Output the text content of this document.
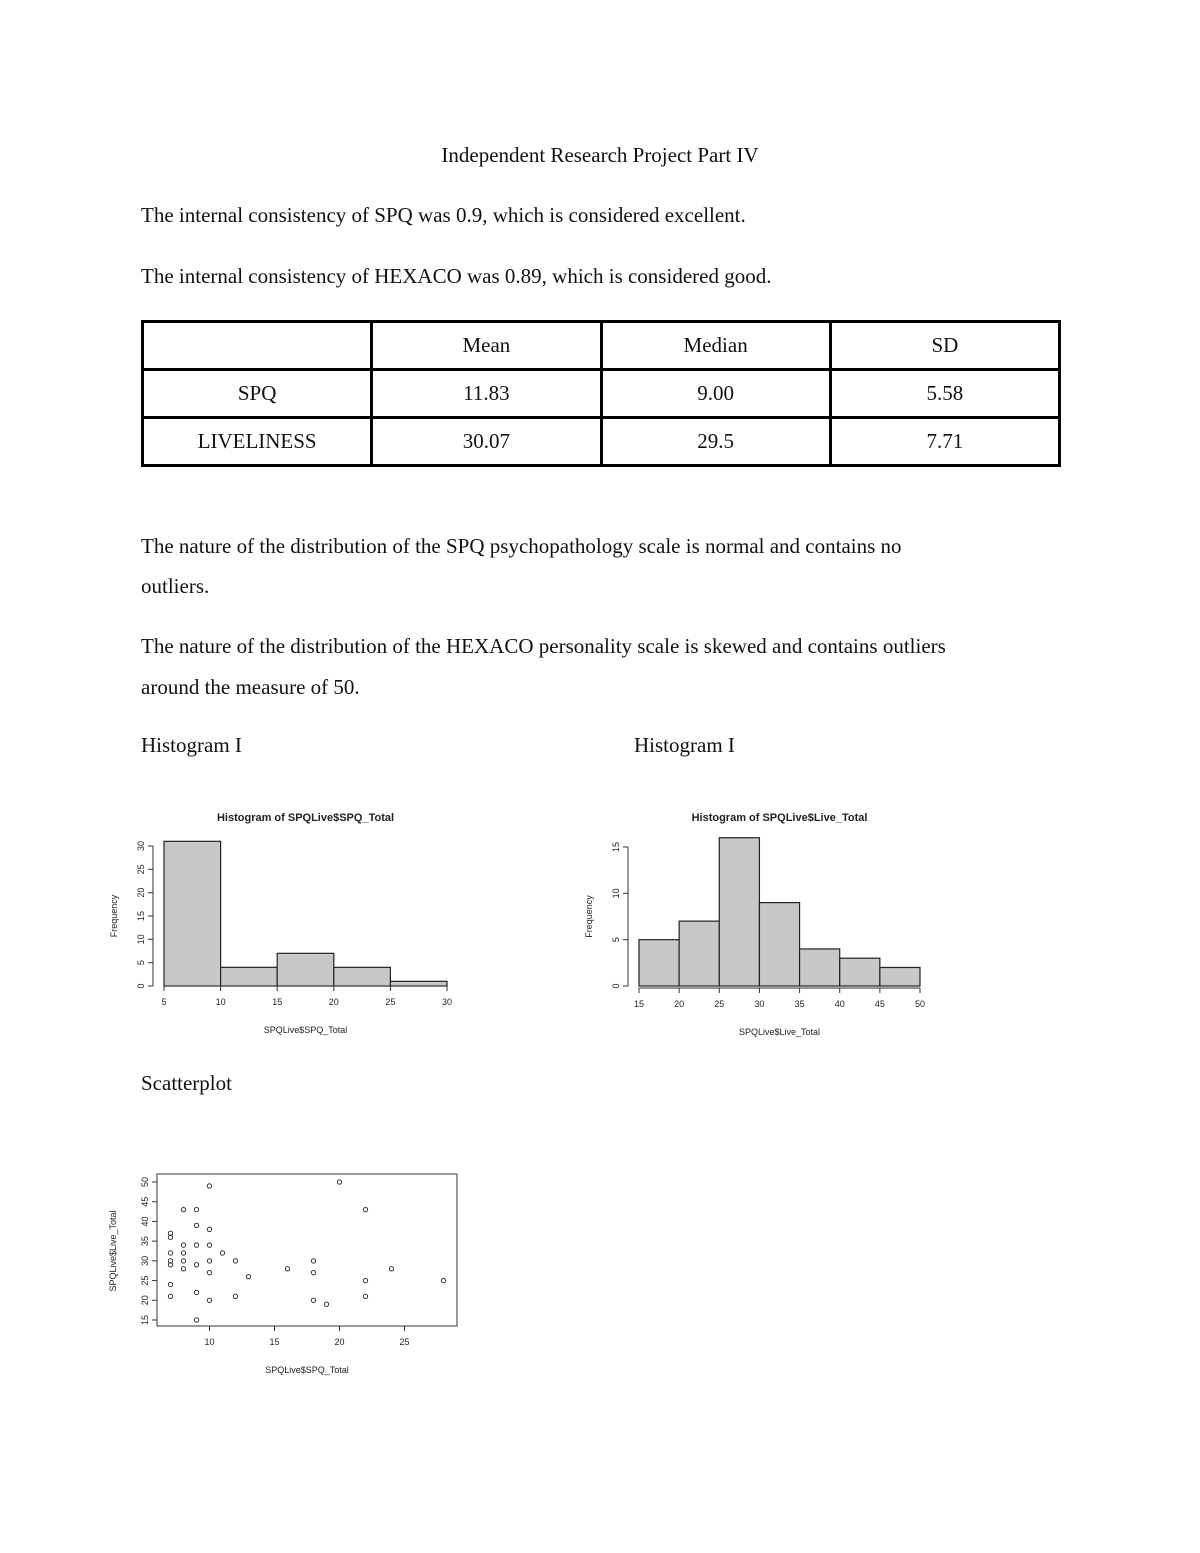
Independent Research Project Part IV
The internal consistency of SPQ was 0.9, which is considered excellent.
The internal consistency of HEXACO was 0.89, which is considered good.
	Mean	Median	SD
SPQ	11.83	9.00	5.58
LIVELINESS	30.07	29.5	7.71
The nature of the distribution of the SPQ psychopathology scale is normal and contains no
outliers.
The nature of the distribution of the HEXACO personality scale is skewed and contains outliers
around the measure of 50.
Histogram I	Histogram I
Scatterplot
Histogram of SPQLive$SPQ_Total
5	10	15	20	25	30
0
5
10
15
20
25
30
SPQLive$SPQ_Total
Frequency
Histogram of SPQLive$Live_Total
15	20	25	30	35	40	45	50
0
5
10
15
SPQLive$Live_Total
Frequency
10	15	20	25
15
20
25
30
35
40
45
50
SPQLive$SPQ_Total
SPQLive$Live_Total
